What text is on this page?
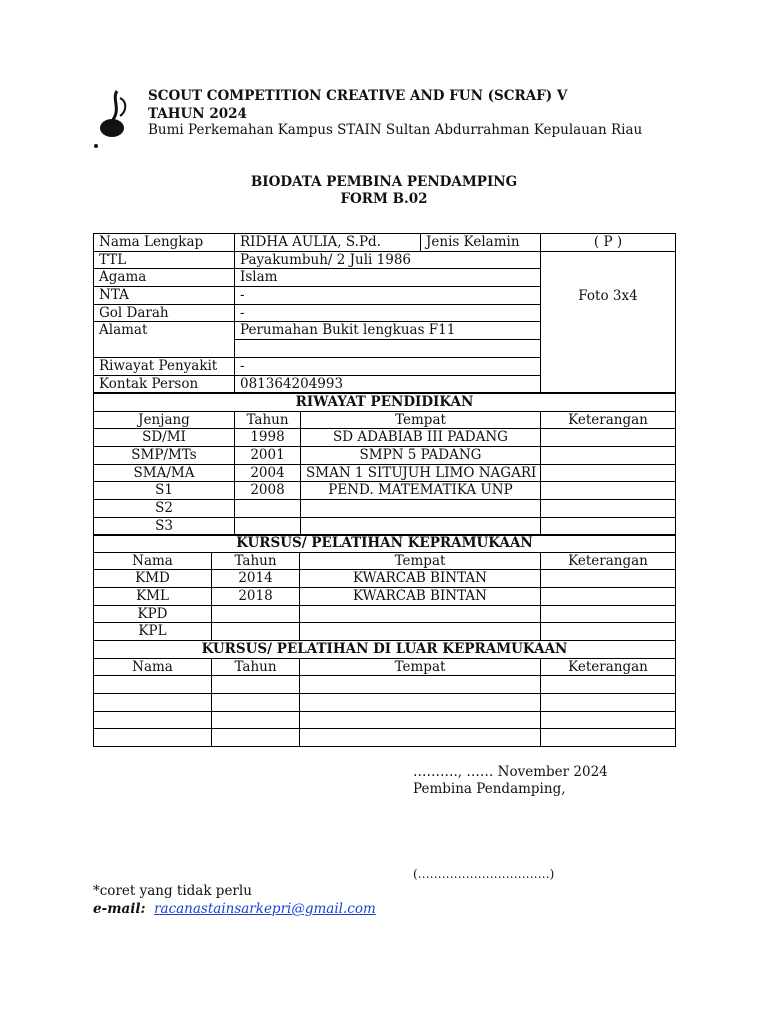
SCOUT COMPETITION CREATIVE AND FUN (SCRAF) V
TAHUN 2024
Bumi Perkemahan Kampus STAIN Sultan Abdurrahman Kepulauan Riau
BIODATA PEMBINA PENDAMPING
FORM B.02
Nama Lengkap	RIDHA AULIA, S.Pd.	Jenis Kelamin	( P )
TTL	Payakumbuh/ 2 Juli 1986		Foto 3x4
Agama	Islam		
NTA	-		
Gol Darah	-		
Alamat	Perumahan Bukit lengkuas F11		

Riwayat Penyakit	-		
Kontak Person	081364204993		
RIWAYAT PENDIDIKAN			
Jenjang	Tahun	Tempat	Keterangan
SD/MI	1998	SD ADABIAB III PADANG	
SMP/MTs	2001	SMPN 5 PADANG	
SMA/MA	2004	SMAN 1 SITUJUH LIMO NAGARI	
S1	2008	PEND. MATEMATIKA UNP	
S2			
S3			
KURSUS/ PELATIHAN KEPRAMUKAAN			
Nama	Tahun	Tempat	Keterangan
KMD	2014	KWARCAB BINTAN	
KML	2018	KWARCAB BINTAN	
KPD			
KPL			
KURSUS/ PELATIHAN DI LUAR KEPRAMUKAAN			
Nama	Tahun	Tempat	Keterangan

………., …… November 2024
Pembina Pendamping,
(……………………………)
*coret yang tidak perlu
e-mail: racanastainsarkepri@gmail.com
